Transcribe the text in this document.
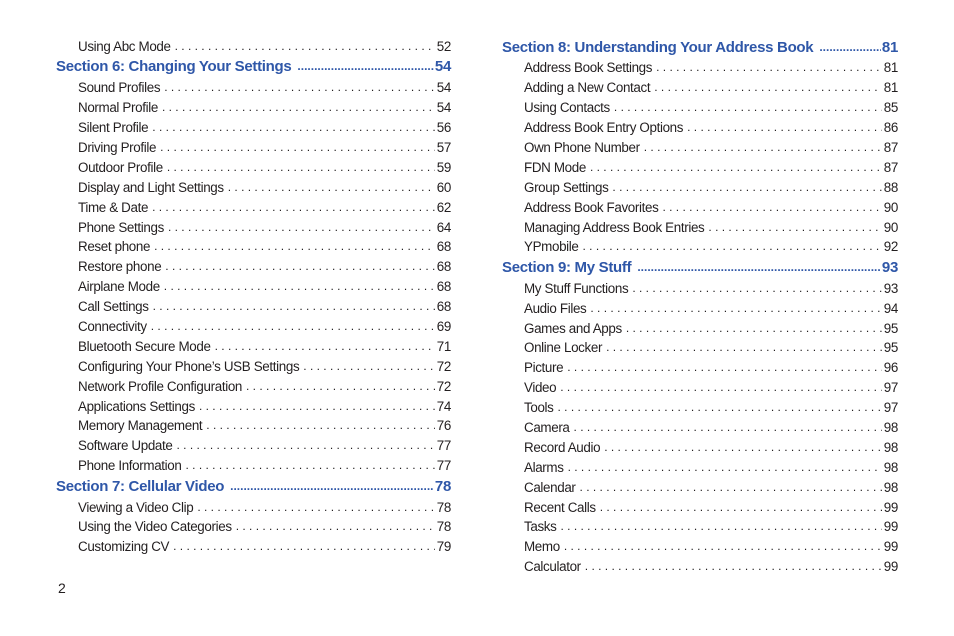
Using Abc Mode . . .	52
Section 6: Changing Your Settings .....	54
Sound Profiles . . .	54
Normal Profile . . .	54
Silent Profile . . .	56
Driving Profile . . .	57
Outdoor Profile . . .	59
Display and Light Settings . . .	60
Time & Date . . .	62
Phone Settings . . .	64
Reset phone . . .	68
Restore phone . . .	68
Airplane Mode . . .	68
Call Settings . . .	68
Connectivity . . .	69
Bluetooth Secure Mode . . .	71
Configuring Your Phone’s USB Settings . . .	72
Network Profile Configuration . . .	72
Applications Settings . . .	74
Memory Management . . .	76
Software Update . . .	77
Phone Information . . .	77
Section 7: Cellular Video .....	78
Viewing a Video Clip . . .	78
Using the Video Categories . . .	78
Customizing CV . . .	79
Section 8: Understanding Your Address Book .....	81
Address Book Settings . . .	81
Adding a New Contact . . .	81
Using Contacts . . .	85
Address Book Entry Options . . .	86
Own Phone Number . . .	87
FDN Mode . . .	87
Group Settings . . .	88
Address Book Favorites . . .	90
Managing Address Book Entries . . .	90
YPmobile . . .	92
Section 9: My Stuff .....	93
My Stuff Functions . . .	93
Audio Files . . .	94
Games and Apps . . .	95
Online Locker . . .	95
Picture . . .	96
Video . . .	97
Tools . . .	97
Camera . . .	98
Record Audio . . .	98
Alarms . . .	98
Calendar . . .	98
Recent Calls . . .	99
Tasks . . .	99
Memo . . .	99
Calculator . . .	99
2
